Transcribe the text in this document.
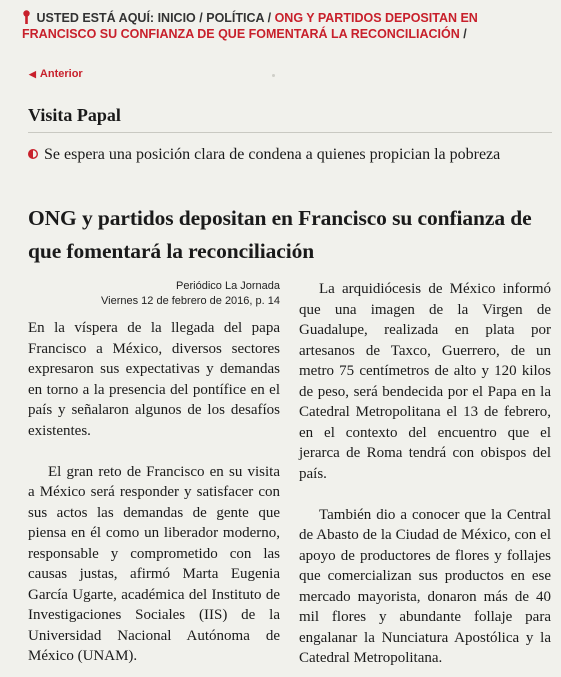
USTED ESTÁ AQUÍ: INICIO / POLÍTICA / ONG Y PARTIDOS DEPOSITAN EN FRANCISCO SU CONFIANZA DE QUE FOMENTARÁ LA RECONCILIACIÓN /
◀ Anterior
Visita Papal
Se espera una posición clara de condena a quienes propician la pobreza
ONG y partidos depositan en Francisco su confianza de que fomentará la reconciliación
Periódico La Jornada
Viernes 12 de febrero de 2016, p. 14

En la víspera de la llegada del papa Francisco a México, diversos sectores expresaron sus expectativas y demandas en torno a la presencia del pontífice en el país y señalaron algunos de los desafíos existentes.

El gran reto de Francisco en su visita a México será responder y satisfacer con sus actos las demandas de gente que piensa en él como un liberador moderno, responsable y comprometido con las causas justas, afirmó Marta Eugenia García Ugarte, académica del Instituto de Investigaciones Sociales (IIS) de la Universidad Nacional Autónoma de México (UNAM).

La arquidiócesis de México informó que una imagen de la Virgen de Guadalupe, realizada en plata por artesanos de Taxco, Guerrero, de un metro 75 centímetros de alto y 120 kilos de peso, será bendecida por el Papa en la Catedral Metropolitana el 13 de febrero, en el contexto del encuentro que el jerarca de Roma tendrá con obispos del país.

También dio a conocer que la Central de Abasto de la Ciudad de México, con el apoyo de productores de flores y follajes que comercializan sus productos en ese mercado mayorista, donaron más de 40 mil flores y abundante follaje para engalanar la Nunciatura Apostólica y la Catedral Metropolitana.
